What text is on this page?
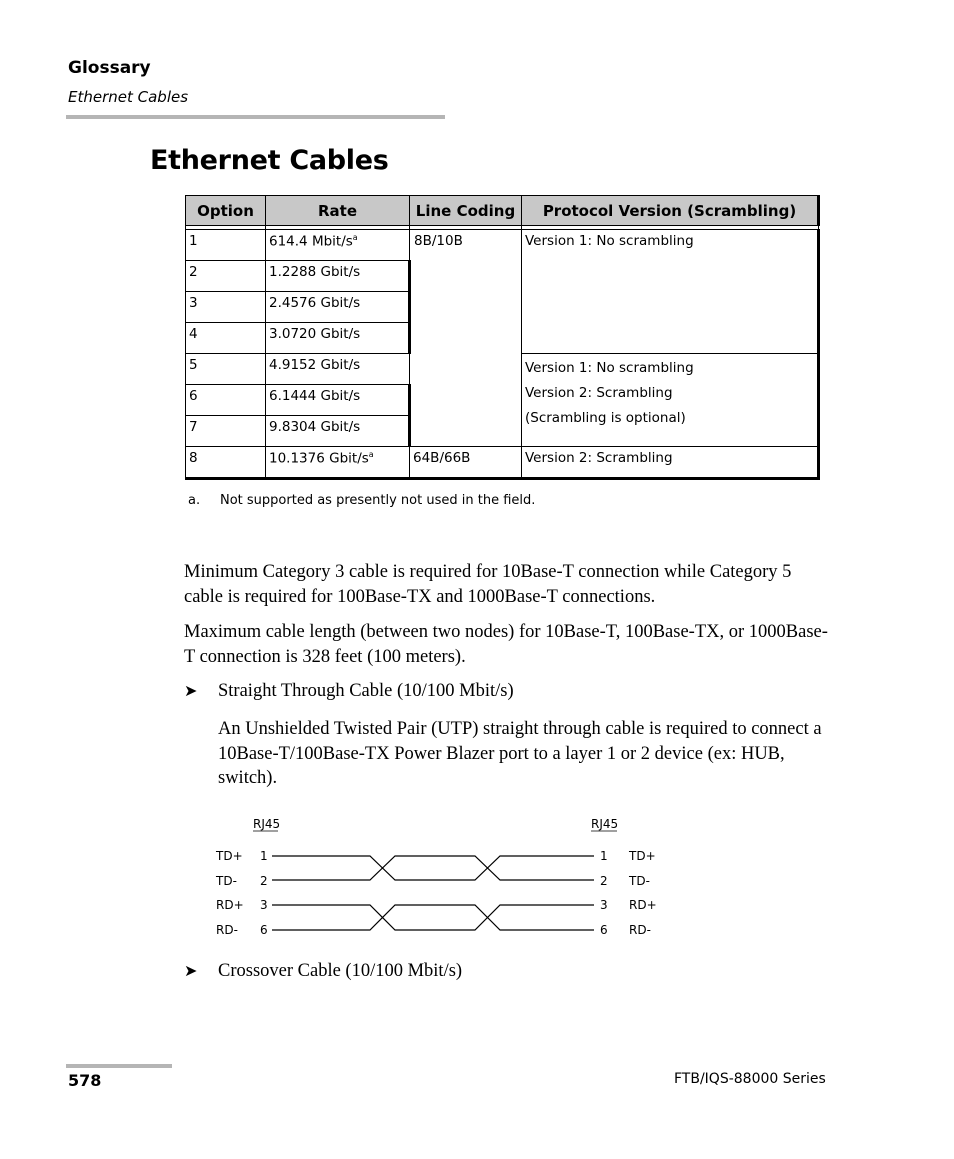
Glossary
Ethernet Cables
Ethernet Cables
Option	Rate	Line Coding	Protocol Version (Scrambling)

1	614.4 Mbit/$s^a$	8B/10B	Version 1: No scrambling
2	1.2288 Gbit/s		
3	2.4576 Gbit/s		
4	3.0720 Gbit/s		
5	4.9152 Gbit/s		Version 1: No scrambling
Version 2: Scrambling
(Scrambling is optional)

6	6.1444 Gbit/s		
7	9.8304 Gbit/s		
8	10.1376 Gbit/$s^a$	64B/66B	Version 2: Scrambling
a. Not supported as presently not used in the field.
Minimum Category 3 cable is required for 10Base-T connection while Category 5 cable is required for 100Base-TX and 1000Base-T connections.
Maximum cable length (between two nodes) for 10Base-T, 100Base-TX, or 1000Base-T connection is 328 feet (100 meters).
➤ Straight Through Cable (10/100 Mbit/s)
An Unshielded Twisted Pair (UTP) straight through cable is required to connect a 10Base-T/100Base-TX Power Blazer port to a layer 1 or 2 device (ex: HUB, switch).
RJ45	RJ45
TD+
TD-
RD+
RD-
1
2
3
6
1
2
3
6
TD+
TD-
RD+
RD-
➤ Crossover Cable (10/100 Mbit/s)
578	FTB/IQS-88000 Series
